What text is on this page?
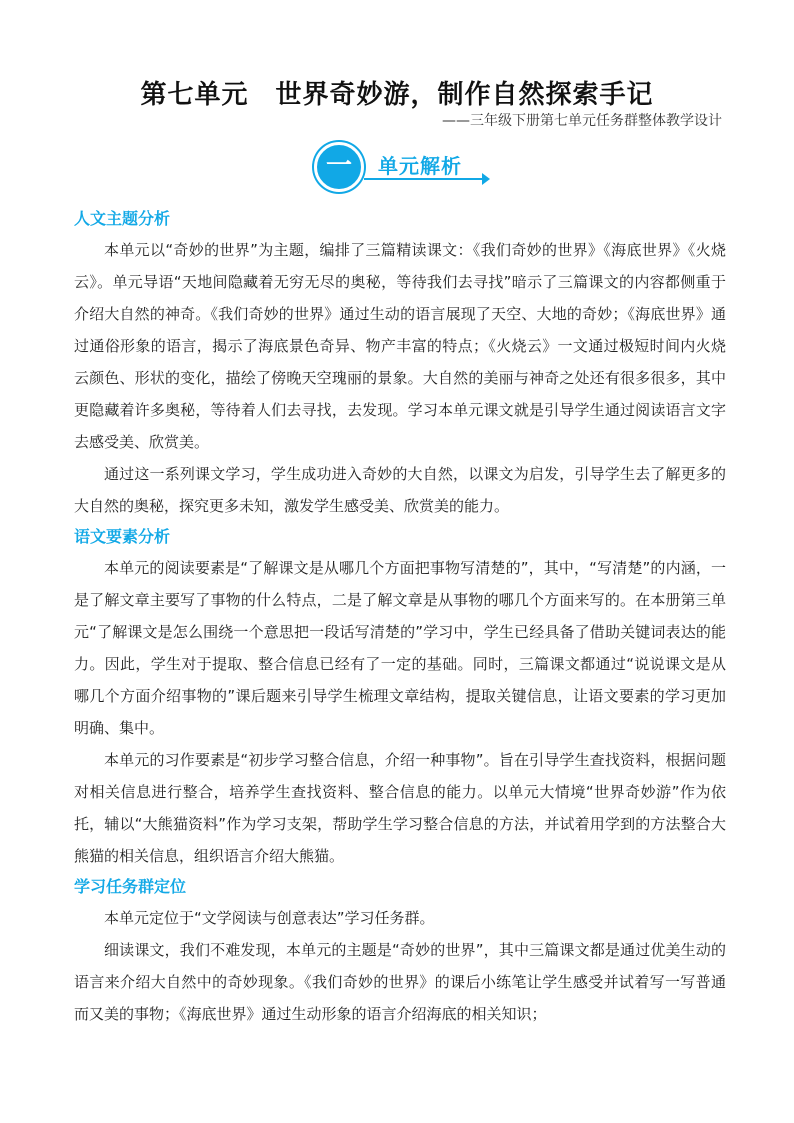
第七单元　世界奇妙游，制作自然探索手记
——三年级下册第七单元任务群整体教学设计
一	单元解析
人文主题分析

本单元以“奇妙的世界”为主题，编排了三篇精读课文：《我们奇妙的世界》《海底世界》《火烧云》。单元导语“天地间隐藏着无穷无尽的奥秘，等待我们去寻找”暗示了三篇课文的内容都侧重于介绍大自然的神奇。《我们奇妙的世界》通过生动的语言展现了天空、大地的奇妙；《海底世界》通过通俗形象的语言，揭示了海底景色奇异、物产丰富的特点；《火烧云》一文通过极短时间内火烧云颜色、形状的变化，描绘了傍晚天空瑰丽的景象。大自然的美丽与神奇之处还有很多很多，其中更隐藏着许多奥秘，等待着人们去寻找，去发现。学习本单元课文就是引导学生通过阅读语言文字去感受美、欣赏美。

通过这一系列课文学习，学生成功进入奇妙的大自然，以课文为启发，引导学生去了解更多的大自然的奥秘，探究更多未知，激发学生感受美、欣赏美的能力。

语文要素分析

本单元的阅读要素是“了解课文是从哪几个方面把事物写清楚的”，其中，“写清楚”的内涵，一是了解文章主要写了事物的什么特点，二是了解文章是从事物的哪几个方面来写的。在本册第三单元“了解课文是怎么围绕一个意思把一段话写清楚的”学习中，学生已经具备了借助关键词表达的能力。因此，学生对于提取、整合信息已经有了一定的基础。同时，三篇课文都通过“说说课文是从哪几个方面介绍事物的”课后题来引导学生梳理文章结构，提取关键信息，让语文要素的学习更加明确、集中。

本单元的习作要素是“初步学习整合信息，介绍一种事物”。旨在引导学生查找资料，根据问题对相关信息进行整合，培养学生查找资料、整合信息的能力。以单元大情境“世界奇妙游”作为依托，辅以“大熊猫资料”作为学习支架，帮助学生学习整合信息的方法，并试着用学到的方法整合大熊猫的相关信息，组织语言介绍大熊猫。

学习任务群定位

本单元定位于“文学阅读与创意表达”学习任务群。

细读课文，我们不难发现，本单元的主题是“奇妙的世界”，其中三篇课文都是通过优美生动的语言来介绍大自然中的奇妙现象。《我们奇妙的世界》的课后小练笔让学生感受并试着写一写普通而又美的事物；《海底世界》通过生动形象的语言介绍海底的相关知识；
